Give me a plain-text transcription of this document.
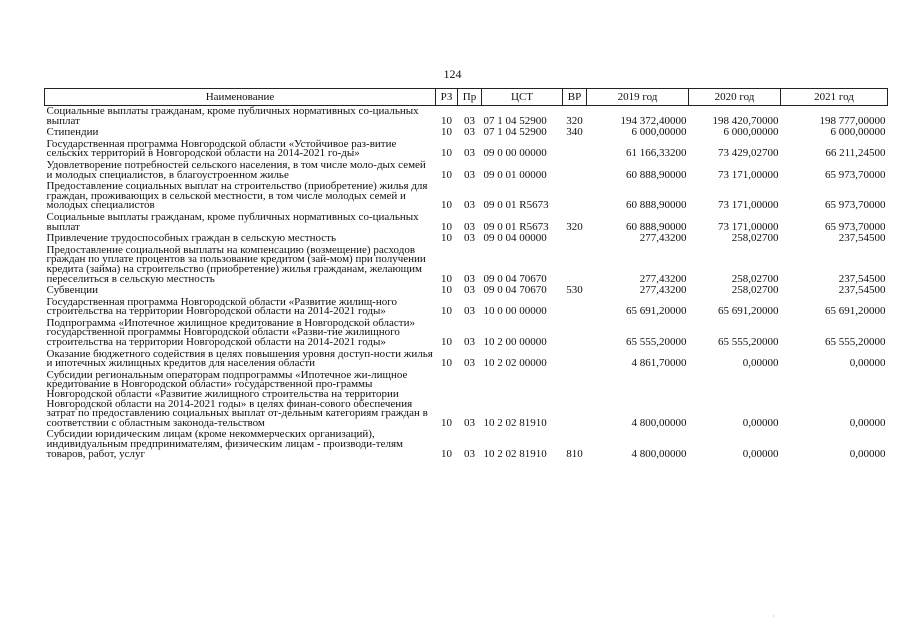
124
Наименование	РЗ	Пр	ЦСТ	ВР	2019 год	2020 год	2021 год
Социальные выплаты гражданам, кроме публичных нормативных со-циальных выплат	10	03	07 1 04 52900	320	194 372,40000	198 420,70000	198 777,00000
Стипендии	10	03	07 1 04 52900	340	6 000,00000	6 000,00000	6 000,00000
Государственная программа Новгородской области «Устойчивое раз-витие сельских территорий в Новгородской области на 2014-2021 го-ды»	10	03	09 0 00 00000		61 166,33200	73 429,02700	66 211,24500
Удовлетворение потребностей сельского населения, в том числе моло-дых семей и молодых специалистов, в благоустроенном жилье	10	03	09 0 01 00000		60 888,90000	73 171,00000	65 973,70000
Предоставление социальных выплат на строительство (приобретение) жилья для граждан, проживающих в сельской местности, в том числе молодых семей и молодых специалистов	10	03	09 0 01 R5673		60 888,90000	73 171,00000	65 973,70000
Социальные выплаты гражданам, кроме публичных нормативных со-циальных выплат	10	03	09 0 01 R5673	320	60 888,90000	73 171,00000	65 973,70000
Привлечение трудоспособных граждан в сельскую местность	10	03	09 0 04 00000		277,43200	258,02700	237,54500
Предоставление социальной выплаты на компенсацию (возмещение) расходов граждан по уплате процентов за пользование кредитом (зай-мом) при получении кредита (займа) на строительство (приобретение) жилья гражданам, желающим переселиться в сельскую местность	10	03	09 0 04 70670		277,43200	258,02700	237,54500
Субвенции	10	03	09 0 04 70670	530	277,43200	258,02700	237,54500
Государственная программа Новгородской области «Развитие жилищ-ного строительства на территории Новгородской области на 2014-2021 годы»	10	03	10 0 00 00000		65 691,20000	65 691,20000	65 691,20000
Подпрограмма «Ипотечное жилищное кредитование в Новгородской области» государственной программы Новгородской области «Разви-тие жилищного строительства на территории Новгородской области на 2014-2021 годы»	10	03	10 2 00 00000		65 555,20000	65 555,20000	65 555,20000
Оказание бюджетного содействия в целях повышения уровня доступ-ности жилья и ипотечных жилищных кредитов для населения области	10	03	10 2 02 00000		4 861,70000	0,00000	0,00000
Субсидии региональным операторам подпрограммы «Ипотечное жи-лищное кредитование в Новгородской области» государственной про-граммы Новгородской области «Развитие жилищного строительства на территории Новгородской области на 2014-2021 годы» в целях финан-сового обеспечения затрат по предоставлению социальных выплат от-дельным категориям граждан в соответствии с областным законода-тельством	10	03	10 2 02 81910		4 800,00000	0,00000	0,00000
Субсидии юридическим лицам (кроме некоммерческих организаций), индивидуальным предпринимателям, физическим лицам - производи-телям товаров, работ, услуг	10	03	10 2 02 81910	810	4 800,00000	0,00000	0,00000
·
